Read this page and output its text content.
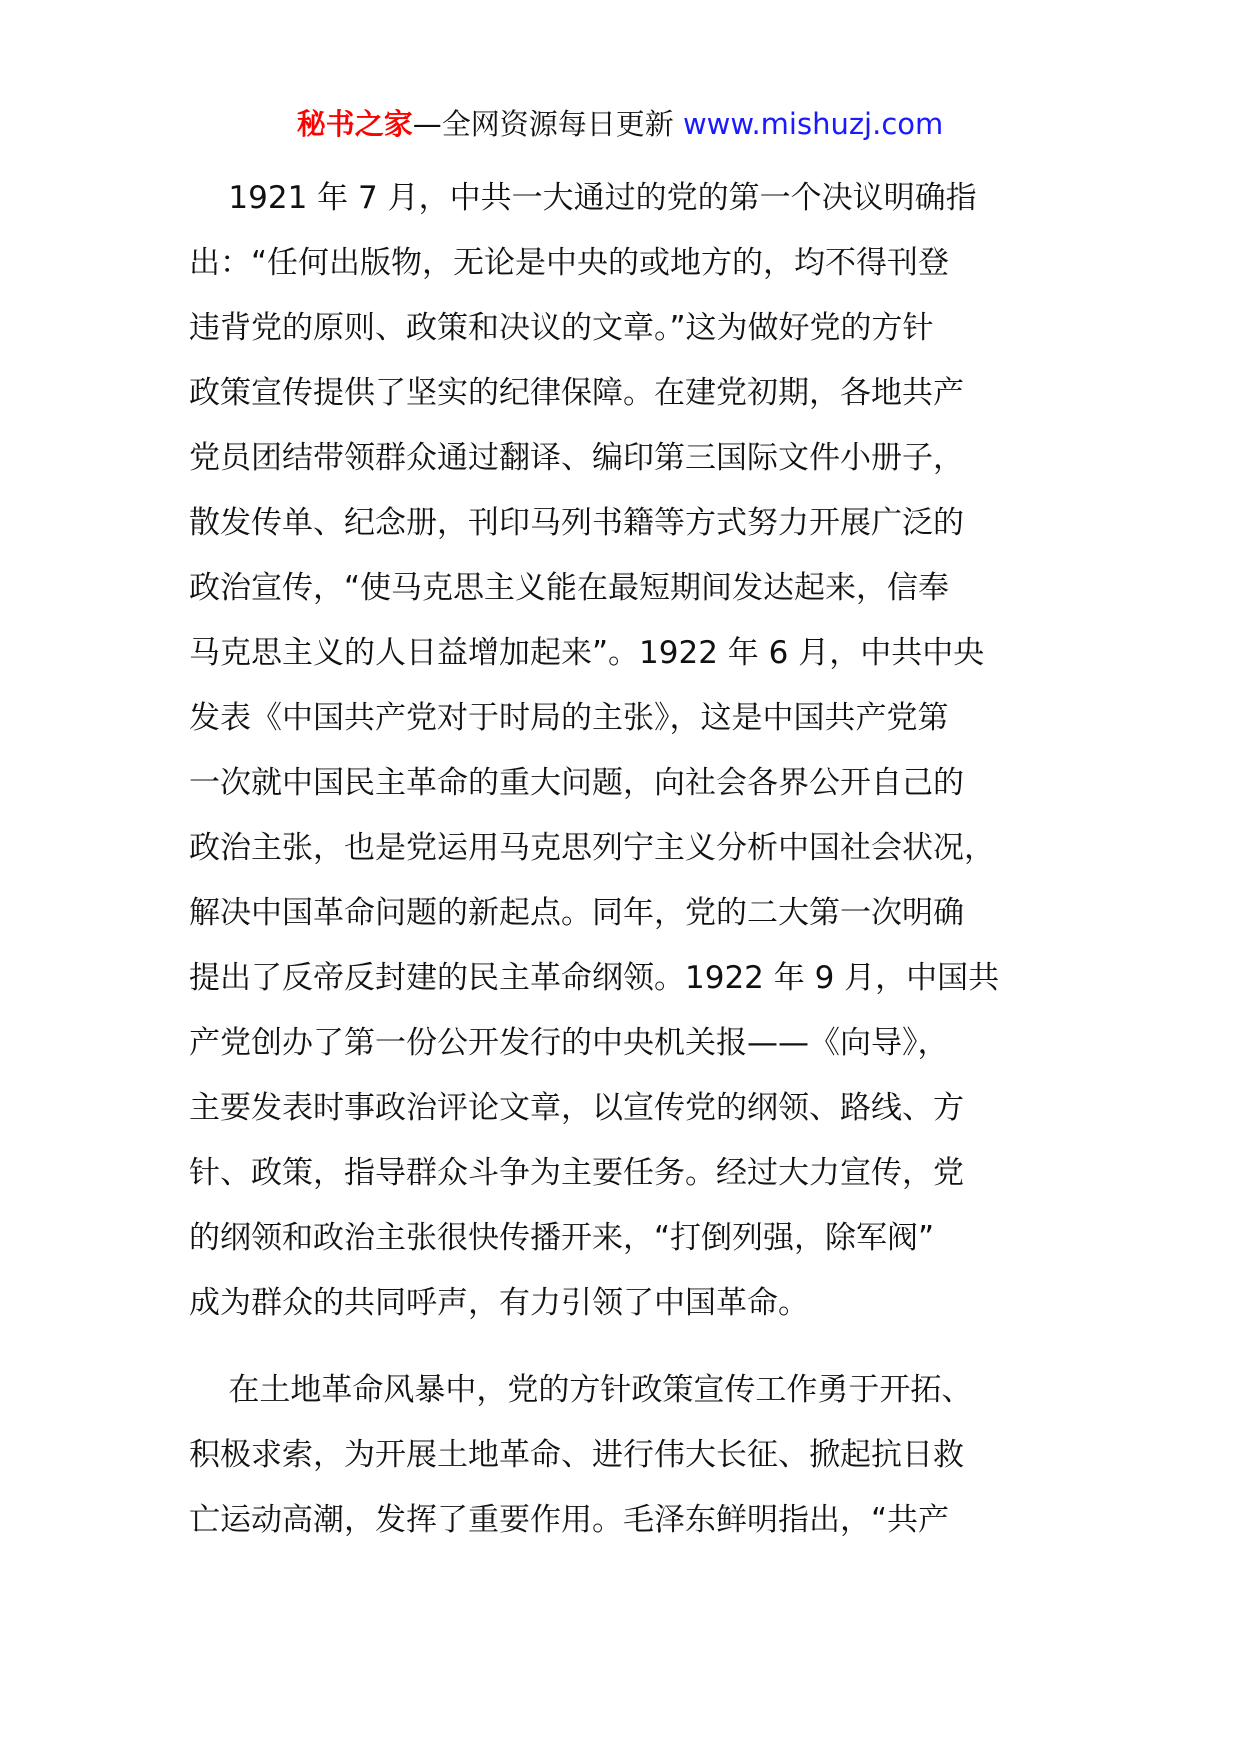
秘书之家—全网资源每日更新 www.mishuzj.com
1921 年 7 月，中共一大通过的党的第一个决议明确指
出：“任何出版物，无论是中央的或地方的，均不得刊登
违背党的原则、政策和决议的文章。”这为做好党的方针
政策宣传提供了坚实的纪律保障。在建党初期，各地共产
党员团结带领群众通过翻译、编印第三国际文件小册子，
散发传单、纪念册，刊印马列书籍等方式努力开展广泛的
政治宣传，“使马克思主义能在最短期间发达起来，信奉
马克思主义的人日益增加起来”。1922 年 6 月，中共中央
发表《中国共产党对于时局的主张》，这是中国共产党第
一次就中国民主革命的重大问题，向社会各界公开自己的
政治主张，也是党运用马克思列宁主义分析中国社会状况，
解决中国革命问题的新起点。同年，党的二大第一次明确
提出了反帝反封建的民主革命纲领。1922 年 9 月，中国共
产党创办了第一份公开发行的中央机关报——《向导》，
主要发表时事政治评论文章，以宣传党的纲领、路线、方
针、政策，指导群众斗争为主要任务。经过大力宣传，党
的纲领和政治主张很快传播开来，“打倒列强，除军阀”
成为群众的共同呼声，有力引领了中国革命。
在土地革命风暴中，党的方针政策宣传工作勇于开拓、
积极求索，为开展土地革命、进行伟大长征、掀起抗日救
亡运动高潮，发挥了重要作用。毛泽东鲜明指出，“共产
